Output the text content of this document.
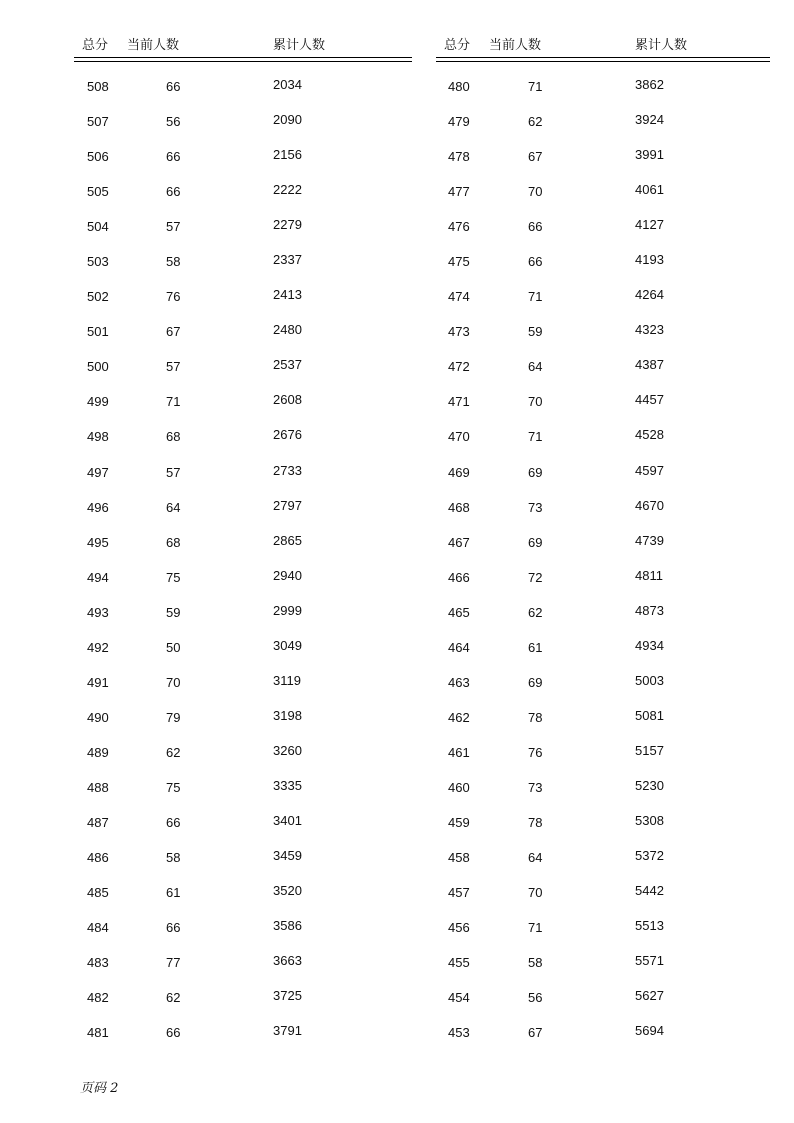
总分 当前人数	累计人数
508	66	2034
507	56	2090
506	66	2156
505	66	2222
504	57	2279
503	58	2337
502	76	2413
501	67	2480
500	57	2537
499	71	2608
498	68	2676
497	57	2733
496	64	2797
495	68	2865
494	75	2940
493	59	2999
492	50	3049
491	70	3119
490	79	3198
489	62	3260
488	75	3335
487	66	3401
486	58	3459
485	61	3520
484	66	3586
483	77	3663
482	62	3725
481	66	3791
总分 当前人数	累计人数
480	71	3862
479	62	3924
478	67	3991
477	70	4061
476	66	4127
475	66	4193
474	71	4264
473	59	4323
472	64	4387
471	70	4457
470	71	4528
469	69	4597
468	73	4670
467	69	4739
466	72	4811
465	62	4873
464	61	4934
463	69	5003
462	78	5081
461	76	5157
460	73	5230
459	78	5308
458	64	5372
457	70	5442
456	71	5513
455	58	5571
454	56	5627
453	67	5694
页码 2
